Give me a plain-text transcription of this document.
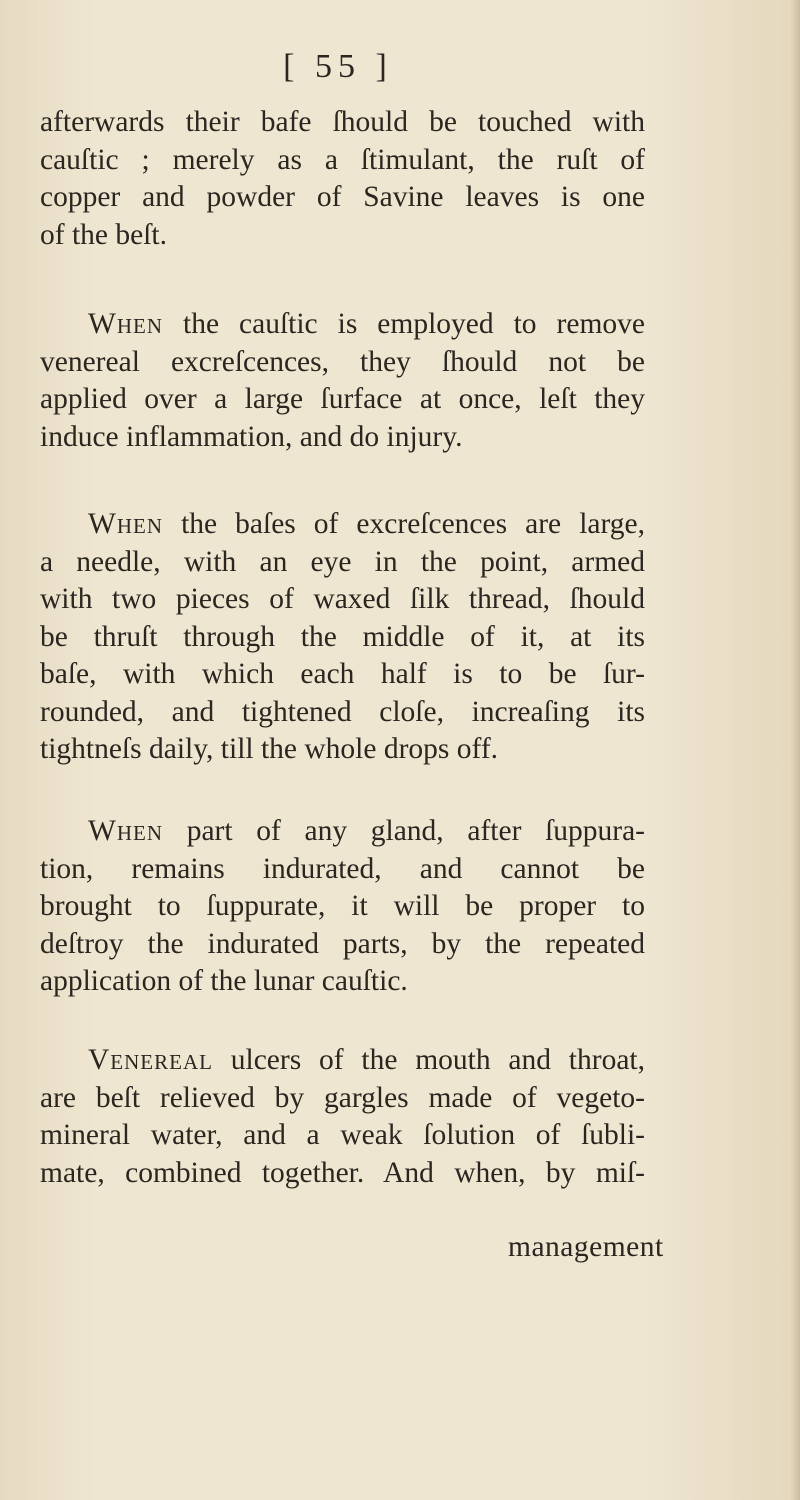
[ 55 ]

afterwards their bafe ſhould be touched with
cauſtic ; merely as a ſtimulant, the ruſt of
copper and powder of Savine leaves is one
of the beſt.

When the cauſtic is employed to remove
venereal excreſcences, they ſhould not be
applied over a large ſurface at once, leſt they
induce inflammation, and do injury.

When the baſes of excreſcences are large,
a needle, with an eye in the point, armed
with two pieces of waxed ſilk thread, ſhould
be thruſt through the middle of it, at its
baſe, with which each half is to be ſur-
rounded, and tightened cloſe, increaſing its
tightneſs daily, till the whole drops off.

When part of any gland, after ſuppura-
tion, remains indurated, and cannot be
brought to ſuppurate, it will be proper to
deſtroy the indurated parts, by the repeated
application of the lunar cauſtic.

Venereal ulcers of the mouth and throat,
are beſt relieved by gargles made of vegeto-
mineral water, and a weak ſolution of ſubli-
mate, combined together. And when, by miſ-

management
